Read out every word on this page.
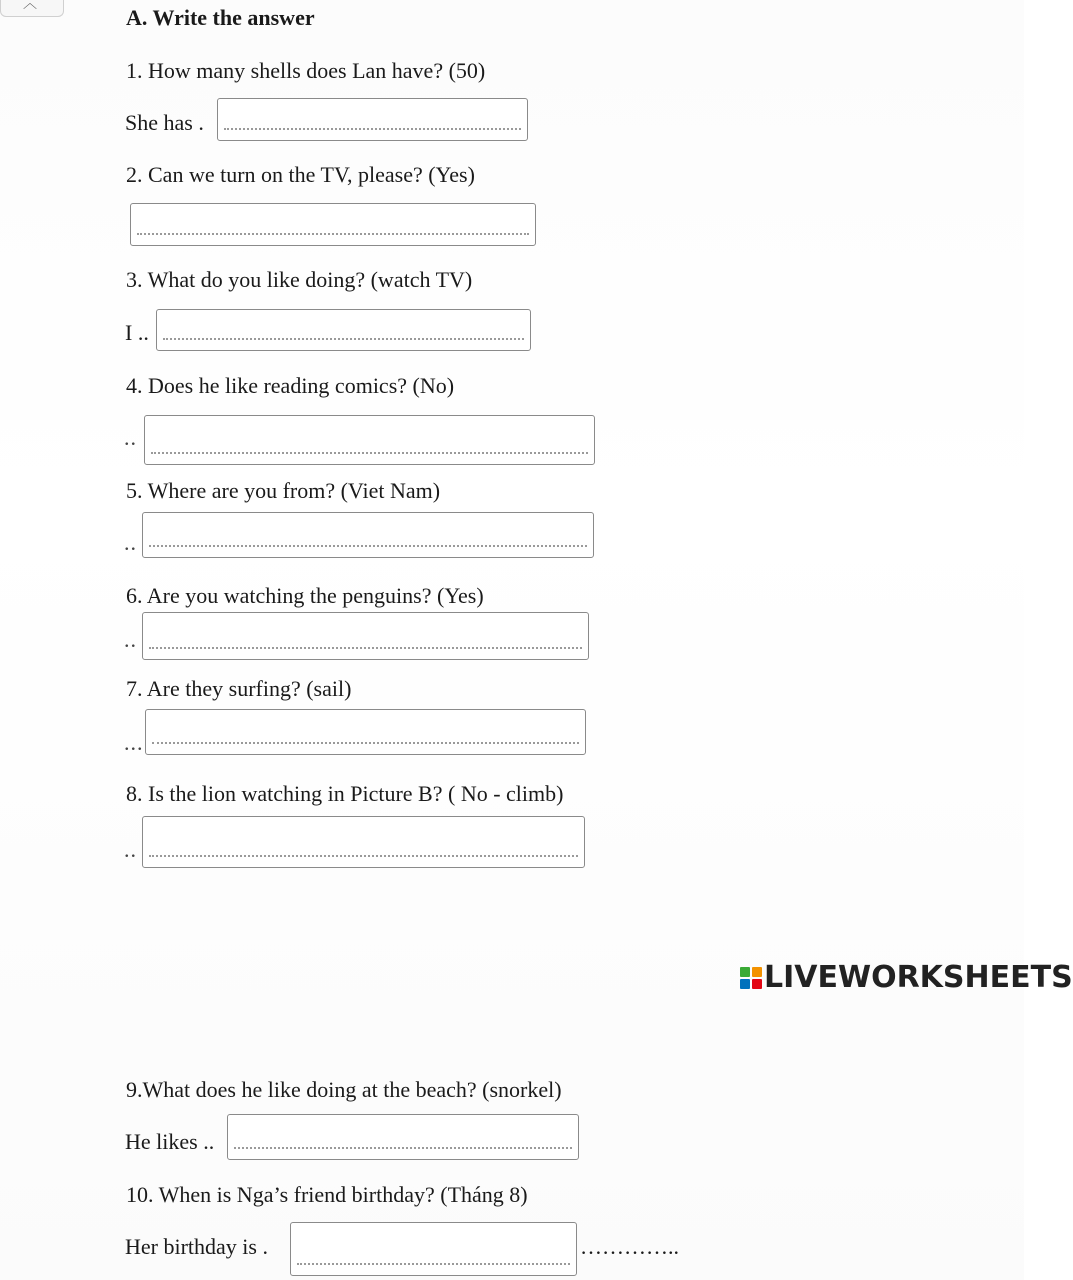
︿
A. Write the answer
1. How many shells does Lan have? (50)
She has .
2. Can we turn on the TV, please? (Yes)
3. What do you like doing? (watch TV)
I ..
4. Does he like reading comics? (No)
..
5. Where are you from? (Viet Nam)
..
6. Are you watching the penguins? (Yes)
..
7. Are they surfing? (sail)
...
8. Is the lion watching in Picture B? ( No - climb)
..
LIVEWORKSHEETS
9.What does he like doing at the beach? (snorkel)
He likes ..
10. When is Nga’s friend birthday? (Tháng 8)
Her birthday is .	…………..
